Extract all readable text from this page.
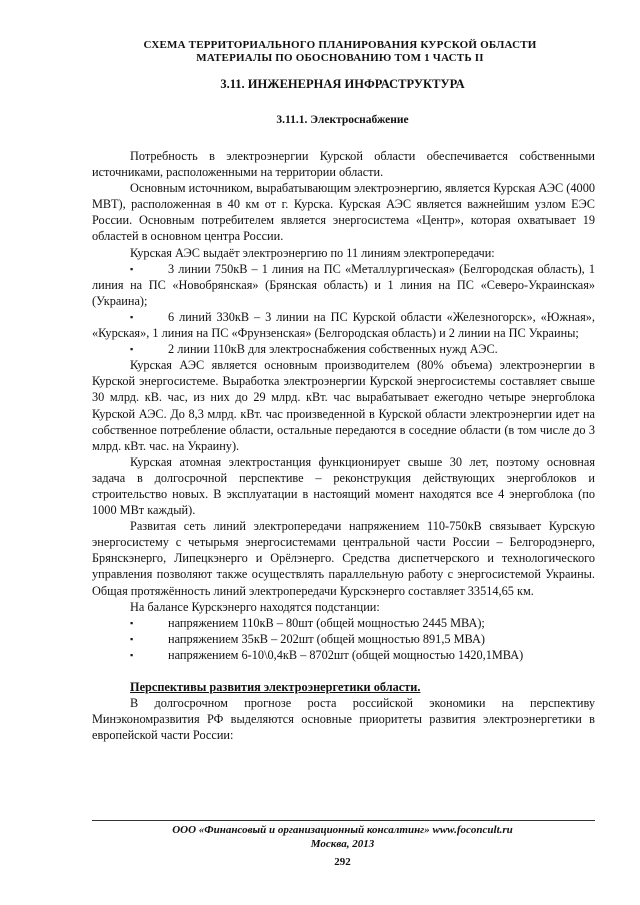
СХЕМА ТЕРРИТОРИАЛЬНОГО ПЛАНИРОВАНИЯ КУРСКОЙ ОБЛАСТИ
МАТЕРИАЛЫ ПО ОБОСНОВАНИЮ ТОМ 1 ЧАСТЬ II
3.11. ИНЖЕНЕРНАЯ ИНФРАСТРУКТУРА
3.11.1. Электроснабжение

Потребность в электроэнергии Курской области обеспечивается собственными источниками, расположенными на территории области.

Основным источником, вырабатывающим электроэнергию, является Курская АЭС (4000 МВТ), расположенная в 40 км от г. Курска. Курская АЭС является важнейшим узлом ЕЭС России. Основным потребителем является энергосистема «Центр», которая охватывает 19 областей в основном центра России.

Курская АЭС выдаёт электроэнергию по 11 линиям электропередачи:

▪	3 линии 750кВ – 1 линия на ПС «Металлургическая» (Белгородская область), 1 линия на ПС «Новобрянская» (Брянская область) и 1 линия на ПС «Северо-Украинская» (Украина);
▪	6 линий 330кВ – 3 линии на ПС Курской области «Железногорск», «Южная», «Курская», 1 линия на ПС «Фрунзенская» (Белгородская область) и 2 линии на ПС Украины;
▪	2 линии 110кВ для электроснабжения собственных нужд АЭС.

Курская АЭС является основным производителем (80% объема) электроэнергии в Курской энергосистеме. Выработка электроэнергии Курской энергосистемы составляет свыше 30 млрд. кВ. час, из них до 29 млрд. кВт. час вырабатывает ежегодно четыре энергоблока Курской АЭС. До 8,3 млрд. кВт. час произведенной в Курской области электроэнергии идет на собственное потребление области, остальные передаются в соседние области (в том числе до 3 млрд. кВт. час. на Украину).

Курская атомная электростанция функционирует свыше 30 лет, поэтому основная задача в долгосрочной перспективе – реконструкция действующих энергоблоков и строительство новых. В эксплуатации в настоящий момент находятся все 4 энергоблока (по 1000 МВт каждый).

Развитая сеть линий электропередачи напряжением 110-750кВ связывает Курскую энергосистему с четырьмя энергосистемами центральной части России – Белгородэнерго, Брянскэнерго, Липецкэнерго и Орёлэнерго. Средства диспетчерского и технологического управления позволяют также осуществлять параллельную работу с энергосистемой Украины. Общая протяжённость линий электропередачи Курскэнерго составляет 33514,65 км.

На балансе Курскэнерго находятся подстанции:

▪	напряжением 110кВ – 80шт (общей мощностью 2445 МВА);
▪	напряжением 35кВ – 202шт (общей мощностью 891,5 МВА)
▪	напряжением 6-10\0,4кВ – 8702шт (общей мощностью 1420,1МВА)

Перспективы развития электроэнергетики области.

В долгосрочном прогнозе роста российской экономики на перспективу Минэкономразвития РФ выделяются основные приоритеты развития электроэнергетики в европейской части России:

ООО «Финансовый и организационный консалтинг» www.foconcult.ru
Москва, 2013
292
